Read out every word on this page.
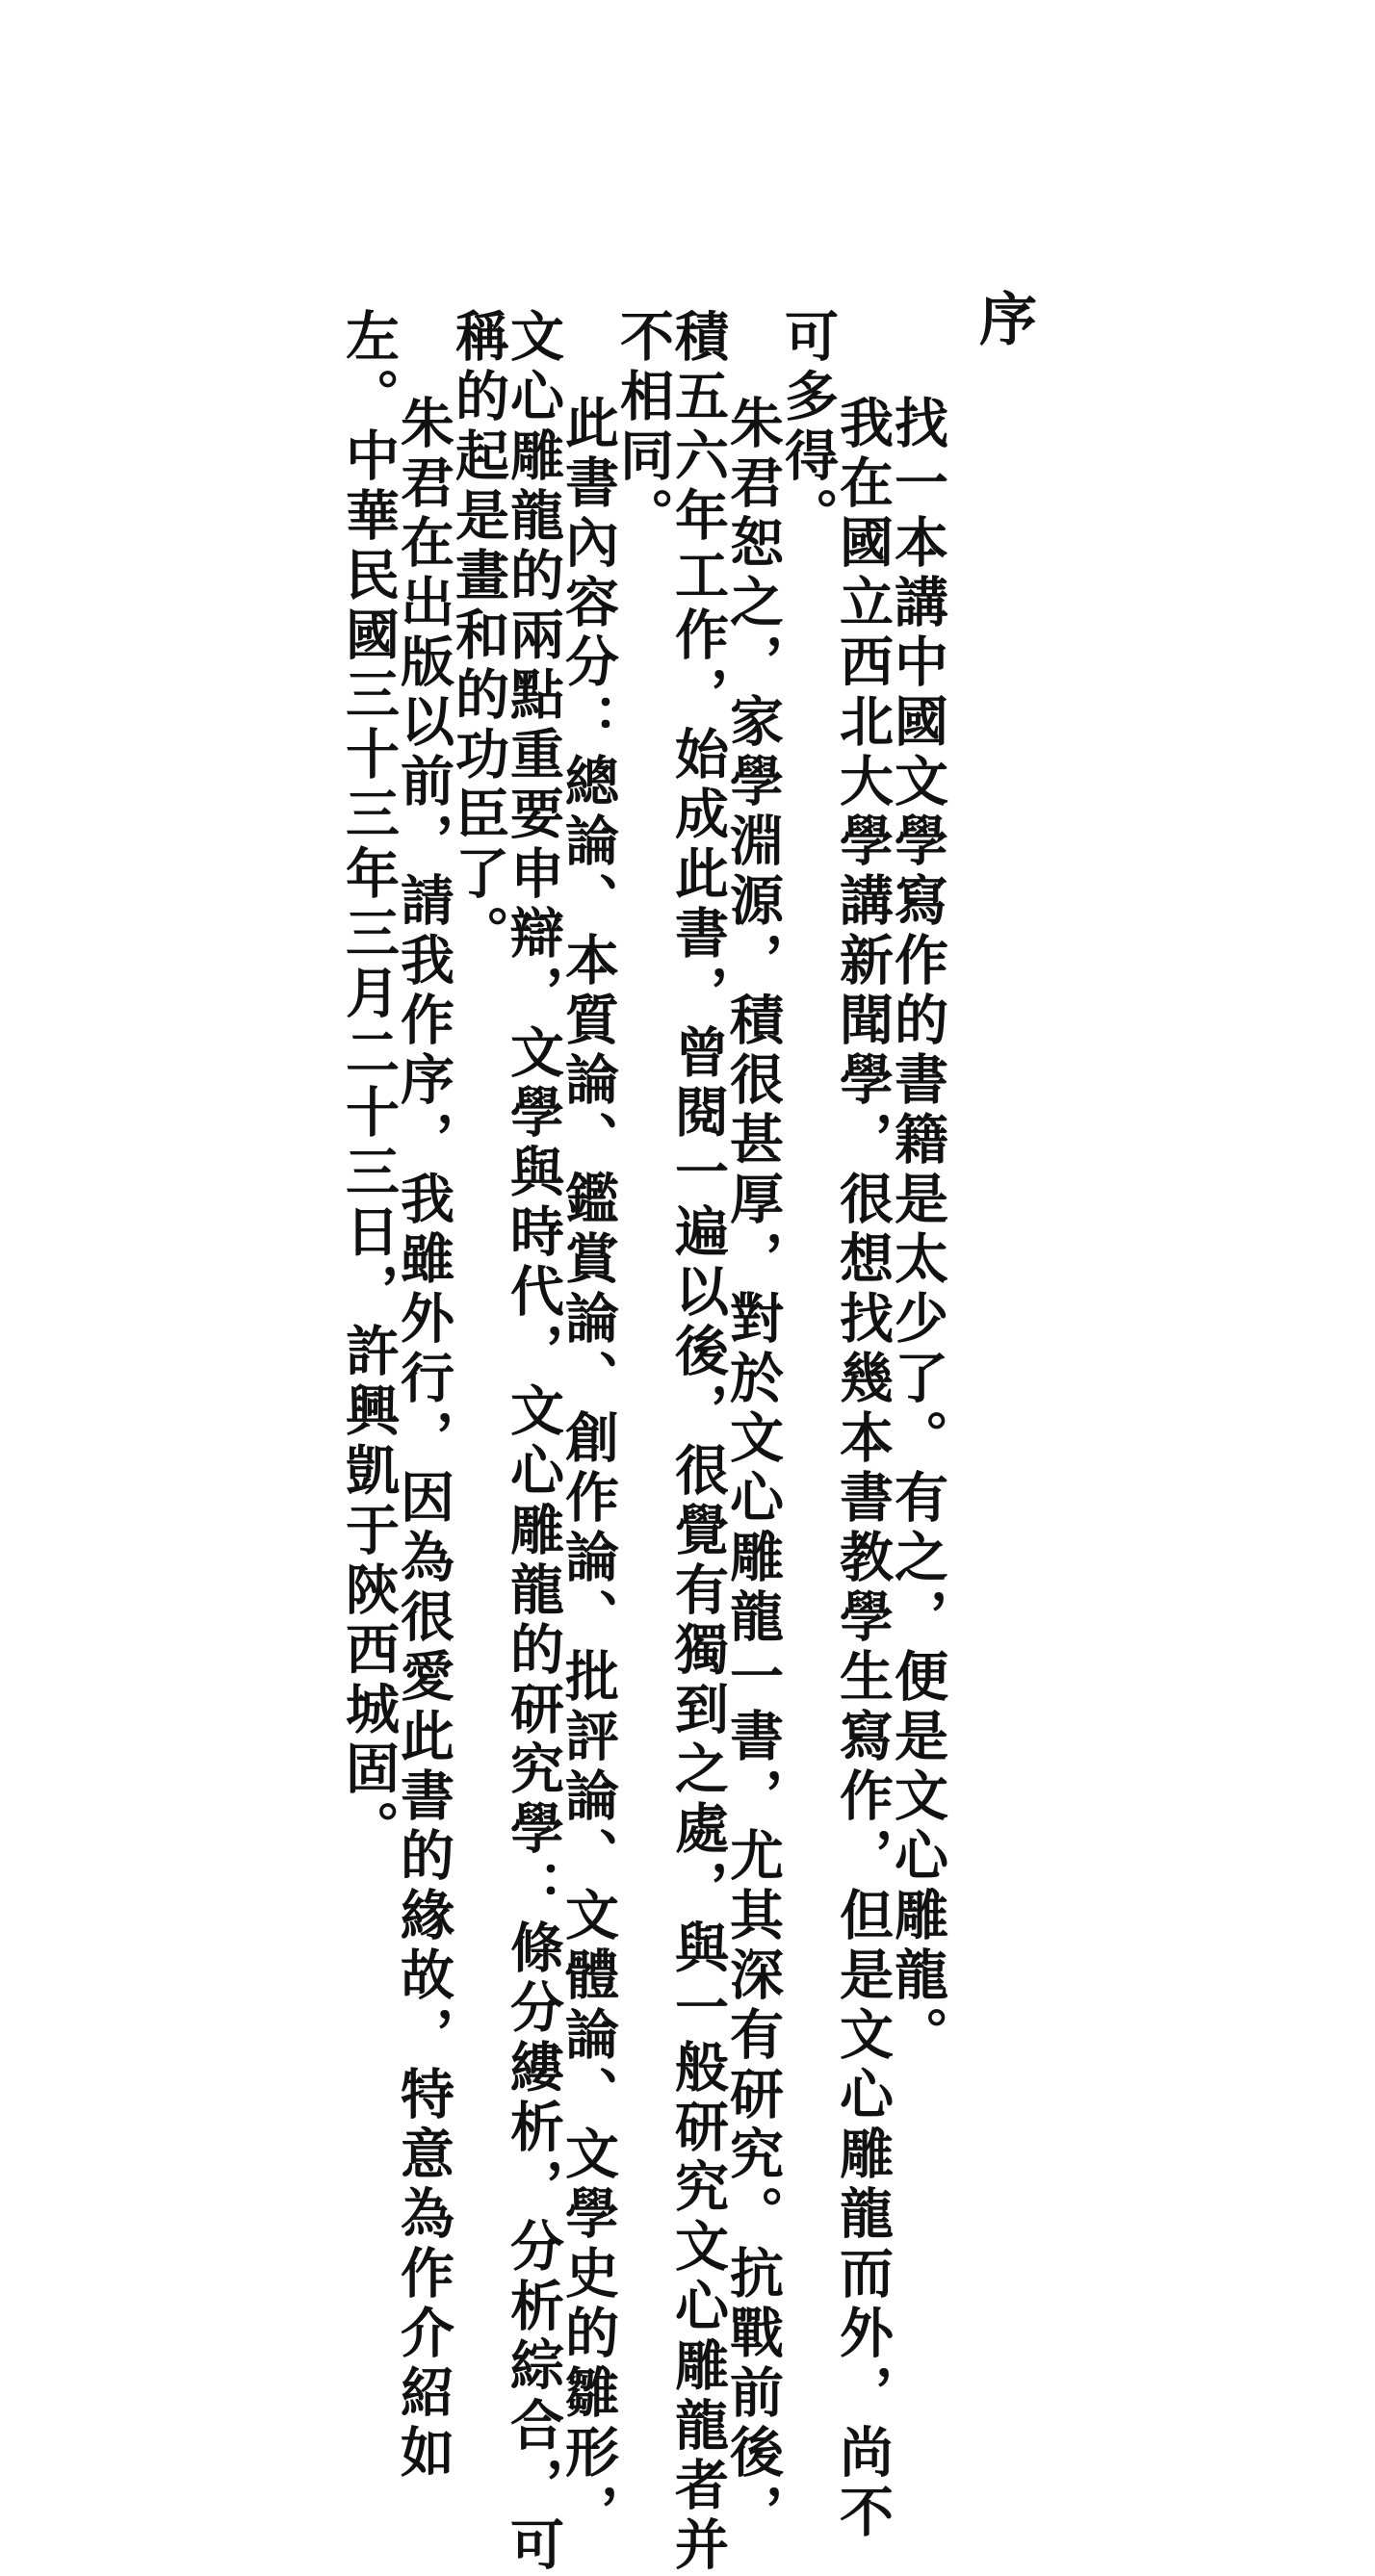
序
找一本講中國文學寫作的書籍是太少了。有之，便是文心雕龍。
我在國立西北大學講新聞學，很想找幾本書教學生寫作，但是文心雕龍而外，尚不
可多得。
朱君恕之，家學淵源，積很甚厚，對於文心雕龍一書，尤其深有研究。抗戰前後，
積五六年工作，始成此書，曾閱一遍以後，很覺有獨到之處，與一般研究文心雕龍者并
不相同。
此書內容分：總論、本質論、鑑賞論、創作論、批評論、文體論、文學史的雛形，
文心雕龍的兩點重要申辯，文學與時代，文心雕龍的研究學：條分縷析，分析綜合，可
稱的起是畫和的功臣了。
朱君在出版以前，請我作序，我雖外行，因為很愛此書的緣故，特意為作介紹如
左。中華民國三十三年三月二十三日，許興凱于陝西城固。
